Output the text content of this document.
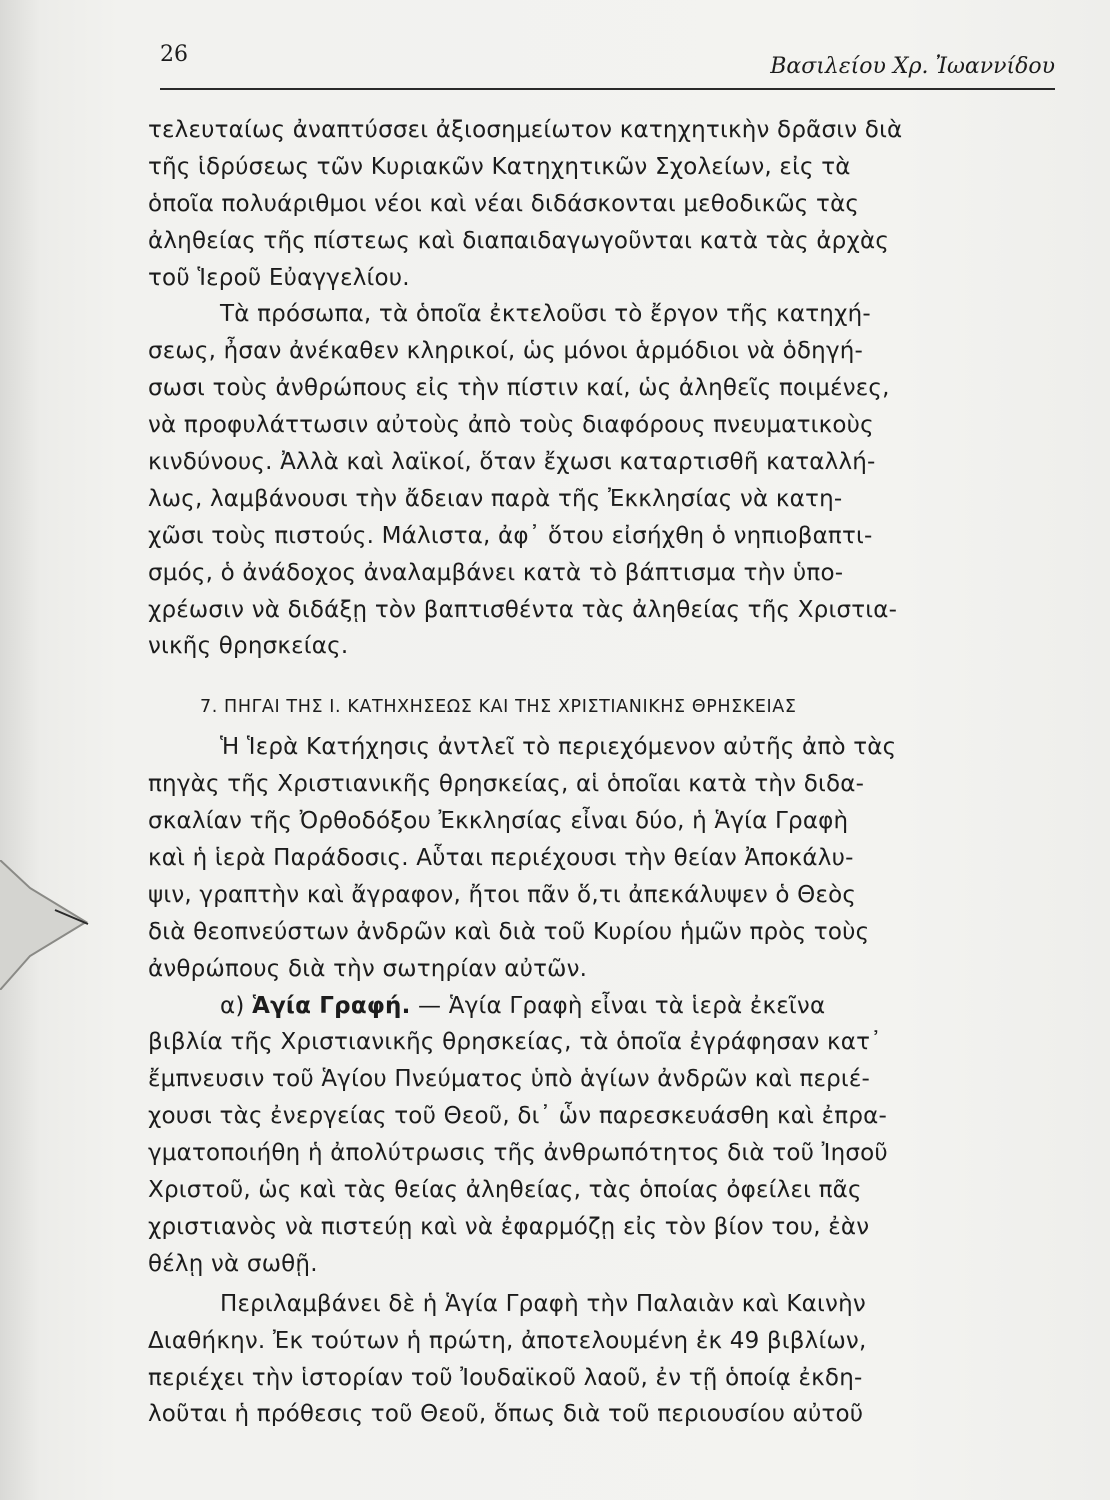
26	Βασιλείου Χρ. Ἰωαννίδου
τελευταίως ἀναπτύσσει ἀξιοσημείωτον κατηχητικὴν δρᾶσιν διὰ
τῆς ἱδρύσεως τῶν Κυριακῶν Κατηχητικῶν Σχολείων, εἰς τὰ
ὁποῖα πολυάριθμοι νέοι καὶ νέαι διδάσκονται μεθοδικῶς τὰς
ἀληθείας τῆς πίστεως καὶ διαπαιδαγωγοῦνται κατὰ τὰς ἀρχὰς
τοῦ Ἱεροῦ Εὐαγγελίου.
Τὰ πρόσωπα, τὰ ὁποῖα ἐκτελοῦσι τὸ ἔργον τῆς κατηχή-
σεως, ἦσαν ἀνέκαθεν κληρικοί, ὡς μόνοι ἁρμόδιοι νὰ ὁδηγή-
σωσι τοὺς ἀνθρώπους εἰς τὴν πίστιν καί, ὡς ἀληθεῖς ποιμένες,
νὰ προφυλάττωσιν αὐτοὺς ἀπὸ τοὺς διαφόρους πνευματικοὺς
κινδύνους. Ἀλλὰ καὶ λαϊκοί, ὅταν ἔχωσι καταρτισθῆ καταλλή-
λως, λαμβάνουσι τὴν ἄδειαν παρὰ τῆς Ἐκκλησίας νὰ κατη-
χῶσι τοὺς πιστούς. Μάλιστα, ἀφ᾿ ὅτου εἰσήχθη ὁ νηπιοβαπτι-
σμός, ὁ ἀνάδοχος ἀναλαμβάνει κατὰ τὸ βάπτισμα τὴν ὑπο-
χρέωσιν νὰ διδάξῃ τὸν βαπτισθέντα τὰς ἀληθείας τῆς Χριστια-
νικῆς θρησκείας.
7. ΠΗΓΑΙ ΤΗΣ Ι. ΚΑΤΗΧΗΣΕΩΣ ΚΑΙ ΤΗΣ ΧΡΙΣΤΙΑΝΙΚΗΣ ΘΡΗΣΚΕΙΑΣ
Ἡ Ἱερὰ Κατήχησις ἀντλεῖ τὸ περιεχόμενον αὐτῆς ἀπὸ τὰς
πηγὰς τῆς Χριστιανικῆς θρησκείας, αἱ ὁποῖαι κατὰ τὴν διδα-
σκαλίαν τῆς Ὀρθοδόξου Ἐκκλησίας εἶναι δύο, ἡ Ἁγία Γραφὴ
καὶ ἡ ἱερὰ Παράδοσις. Αὗται περιέχουσι τὴν θείαν Ἀποκάλυ-
ψιν, γραπτὴν καὶ ἄγραφον, ἤτοι πᾶν ὅ,τι ἀπεκάλυψεν ὁ Θεὸς
διὰ θεοπνεύστων ἀνδρῶν καὶ διὰ τοῦ Κυρίου ἡμῶν πρὸς τοὺς
ἀνθρώπους διὰ τὴν σωτηρίαν αὐτῶν.
α) Ἁγία Γραφή. — Ἁγία Γραφὴ εἶναι τὰ ἱερὰ ἐκεῖνα
βιβλία τῆς Χριστιανικῆς θρησκείας, τὰ ὁποῖα ἐγράφησαν κατ᾿
ἔμπνευσιν τοῦ Ἁγίου Πνεύματος ὑπὸ ἁγίων ἀνδρῶν καὶ περιέ-
χουσι τὰς ἐνεργείας τοῦ Θεοῦ, δι᾿ ὧν παρεσκευάσθη καὶ ἐπρα-
γματοποιήθη ἡ ἀπολύτρωσις τῆς ἀνθρωπότητος διὰ τοῦ Ἰησοῦ
Χριστοῦ, ὡς καὶ τὰς θείας ἀληθείας, τὰς ὁποίας ὀφείλει πᾶς
χριστιανὸς νὰ πιστεύῃ καὶ νὰ ἐφαρμόζῃ εἰς τὸν βίον του, ἐὰν
θέλῃ νὰ σωθῇ.
Περιλαμβάνει δὲ ἡ Ἁγία Γραφὴ τὴν Παλαιὰν καὶ Καινὴν
Διαθήκην. Ἐκ τούτων ἡ πρώτη, ἀποτελουμένη ἐκ 49 βιβλίων,
περιέχει τὴν ἱστορίαν τοῦ Ἰουδαϊκοῦ λαοῦ, ἐν τῇ ὁποίᾳ ἐκδη-
λοῦται ἡ πρόθεσις τοῦ Θεοῦ, ὅπως διὰ τοῦ περιουσίου αὐτοῦ
